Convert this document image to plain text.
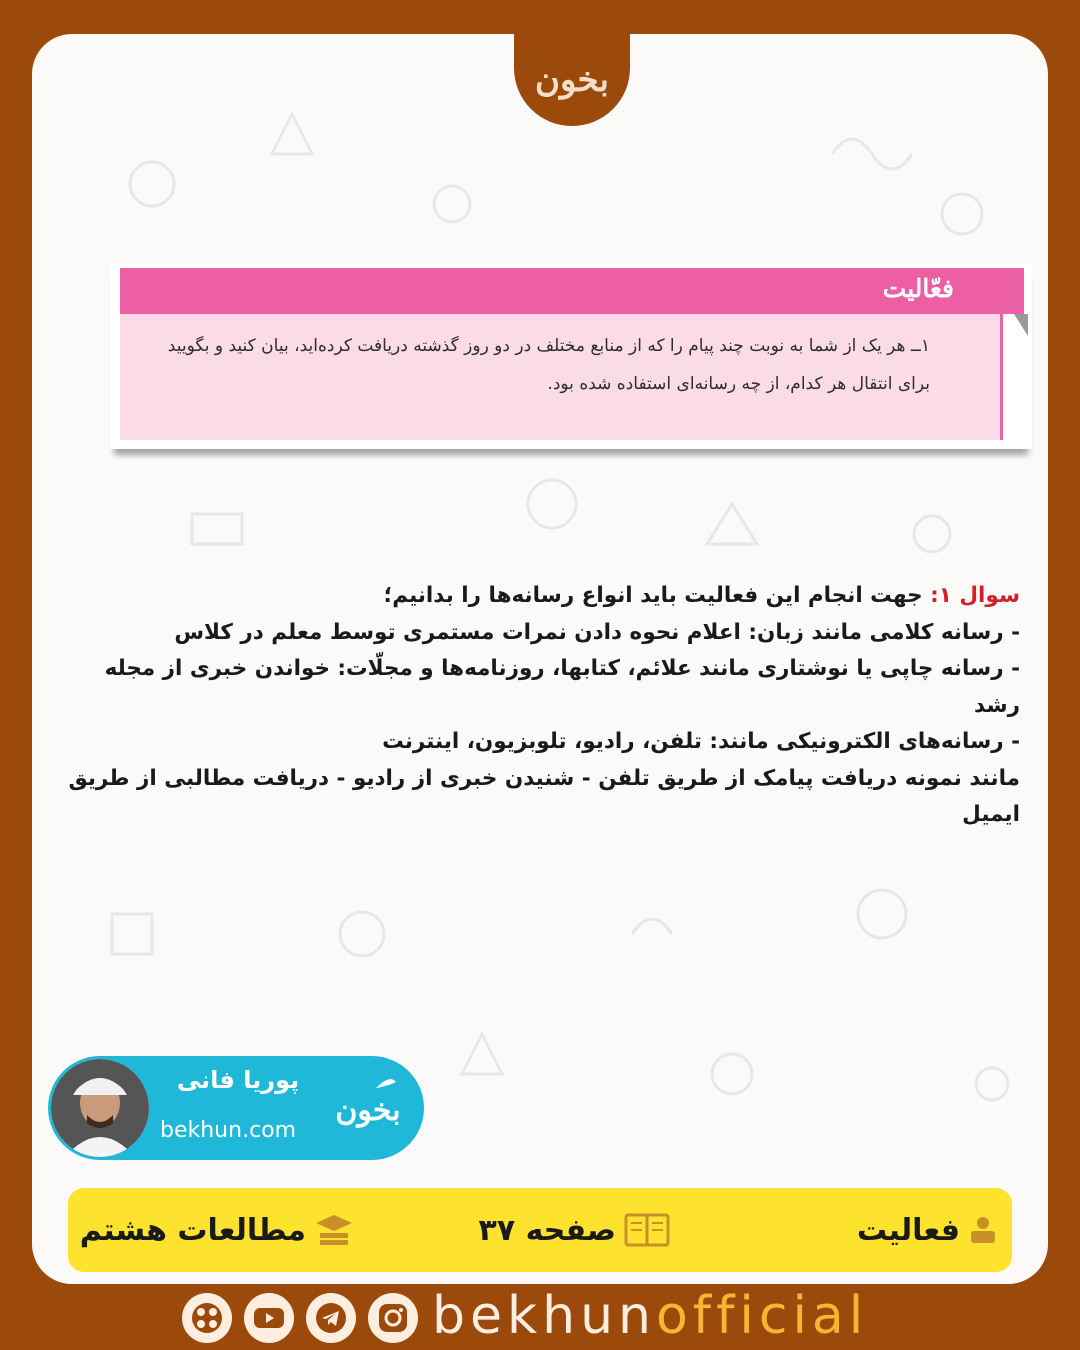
بخون
فعّالیت
۱ــ هر یک از شما به نوبت چند پیام را که از منابع مختلف در دو روز گذشته دریافت کرده‌اید، بیان کنید و بگویید
برای انتقال هر کدام، از چه رسانه‌ای استفاده شده بود.

سوال ۱: جهت انجام این فعالیت باید انواع رسانه‌ها را بدانیم؛

- رسانه کلامی مانند زبان: اعلام نحوه دادن نمرات مستمری توسط معلم در کلاس

- رسانه چاپی یا نوشتاری مانند علائم، کتابها، روزنامه‌ها و مجلّات: خواندن خبری از مجله رشد

- رسانه‌های الکترونیکی مانند: تلفن، رادیو، تلوبزیون، اینترنت

مانند نمونه دریافت پیامک از طریق تلفن - شنیدن خبری از رادیو - دریافت مطالبی از طریق ایمیل

پوریا فانی
bekhun.com
بخون
فعالیت
صفحه ۳۷
مطالعات هشتم
bekhunofficial
